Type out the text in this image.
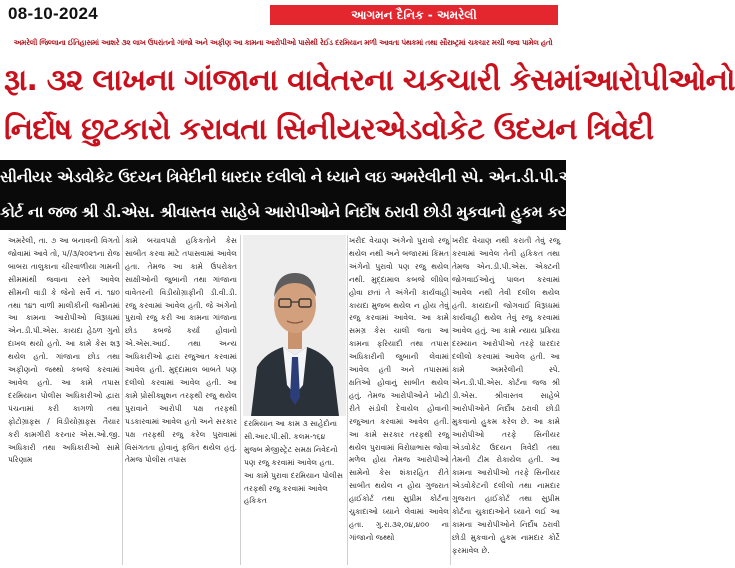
08-10-2024	આગમન દૈનિક - અમરેલી
અમરેલી જિલ્લાના ઈતિહાસમાં આશરે ૩૨ લાખ ઉપરાંતનો ગાંજો અને અફીણ આ કામના આરોપીઓ પાસેથી રેઈડ દરમિયાન મળી આવતા પંથકમાં તથા સૌરાષ્ટ્રમાં ચકચાર મચી જવા પામેલ હતો
રૂા. ૩૨ લાખના ગાંજાના વાવેતરના ચકચારી કેસમાંઆરોપીઓનો
નિર્દોષ છુટકારો કરાવતા સિનીયરએડવોકેટ ઉદયન ત્રિવેદી
સીનીયર એડવોકેટ ઉદયન ત્રિવેદીની ધારદાર દલીલો ને ધ્યાને લઇ અમરેલીની સ્પે. એન.ડી.પી.એસ.
કોર્ટ ના જજ શ્રી ડી.એસ. શ્રીવાસ્તવ સાહેબે આરોપીઓને નિર્દોષ ઠરાવી છોડી મુકવાનો હુકમ કર્યો
અમરેલી, તા. ૭ આ બનાવની વિગતો જોવામાં આવે તો, ૫//૩/૨૦૨૧ના રોજ બાબરા તાલુકાના ચીરવાળીયા ગામની સીમમાંથી જવાના રસ્તે આવેલ સીમની વાડી કે જેનો સર્વે નં. ૧૪૦ તથા ૧૪૧ વાળી માલીકીની જમીનમાં આ કામના આરોપીઓ વિરૂધ્ધમાં એન.ડી.પી.એસ. કાયદા હેઠળ ગુનો દાખલ થયો હતો. આ કામે કેસ શરૂ થયેલ હતો. ગાંજાના છોડ તથા અફીણનો જથ્થો કબજે કરવામાં આવેલ હતો. આ કામે તપાસ દરમિયાન પોલીસ અધિકારીઓ દ્વારા પંચનામાં કરી કાગળો તથા ફોટોગ્રાફ્સ / વિડીયોગ્રાફ્સ તૈયાર કરી કામગીરી કરનાર એસ.ઓ.જી. અધિકારી તથા અધિકારીઓ સામે પરિણામ
કામે બચાવપક્ષે હકિકતોને કેસ સાબીત કરવા માટે તપાસવામાં આવેલ હતા. તેમજ આ કામે ઉપરોક્ત સાક્ષીઓની જુબાની તથા ગાંજાના વાવેતરની વિડીયોગ્રાફીની ડી.વી.ડી. રજુ કરવામાં આવેલ હતી. જે અંગેનો પુરાવો રજુ કરી આ કામના ગાંજાના છોડ કબજે કર્યા હોવાનો એ.એસ.આઈ. તથા અન્ય અધિકારીઓ દ્વારા રજુઆત કરવામાં આવેલ હતી. મુદ્દામાલ બાબતે પણ દલીલો કરવામાં આવેલ હતી. આ કામે પ્રોસીક્યુશન તરફથી રજુ થયેલ પુરાવાને આરોપી પક્ષ તરફથી પડકારવામાં આવેલ હતો અને સરકાર પક્ષ તરફથી રજુ કરેલ પુરાવામાં વિસંગતતા હોવાનું ફલિત થયેલ હતું. તેમજ પોલીસ તપાસ
દરમિયાન આ કામ ૩ સાહેદોના સી.આર.પી.સી. કલમ-૧૬૪ મુજબ મેજીસ્ટ્રેટ સમક્ષ નિવેદનો પણ રજુ કરવામાં આવેલ હતા. આ કામે પુરાવા દરમિયાન પોલીસ તરફથી રજુ કરવામાં આવેલ હકિકત
ખરીદ વેચાણ અંગેનો પુરાવો રજુ થયેલ નથી અને બજારમાં કિંમત અંગેનો પુરાવો પણ રજુ થયેલ નથી. મુદ્દામાલ કબજે લીધેલ હોવા છતાં તે અંગેની કાર્યવાહી કાયદા મુજબ થયેલ ન હોય તેવું રજુ કરવામાં આવેલ. આ કામે સમગ્ર કેસ ચાલી જતા આ કામના ફરિયાદી તથા તપાસ અધિકારીની જુબાની લેવામાં આવેલ હતી અને તપાસમાં ક્ષતિઓ હોવાનું સાબીત થયેલ હતું. તેમજ આરોપીઓને ખોટી રીતે સંડોવી દેવાયેલ હોવાની રજુઆત કરવામાં આવેલ હતી. આ કામે સરકાર તરફથી રજુ થયેલ પુરાવામાં વિરોધાભાસ જોવા મળેલ હોય તેમજ આરોપીઓ સામેનો કેસ શંકારહિત રીતે સાબીત થયેલ ન હોય ગુજરાત હાઈકોર્ટ તથા સુપ્રીમ કોર્ટના ચુકાદાઓ ધ્યાને લેવામાં આવેલ હતા. ગુ.રા.૩૨,૦૪,૪૦૦ ના ગાંજાનો જથ્થો
ખરીદ વેચાણ નથી કરાતી તેવું રજુ કરવામાં આવેલ તેની હકિકત તથા તેમજ એન.ડી.પી.એસ. એક્ટની જોગવાઈઓનું પાલન કરવામાં આવેલ નથી તેવી દલીલ થયેલ હતી. કાયદાની જોગવાઈ વિરૂધ્ધમાં કાર્યવાહી થયેલ તેવું રજુ કરવામાં આવેલ હતું. આ કામે ન્યાય પ્રક્રિયા દરમ્યાન આરોપીઓ તરફે ધારદાર દલીલો કરવામાં આવેલ હતી. આ કામે અમરેલીની સ્પે. એન.ડી.પી.એસ. કોર્ટના જજ શ્રી ડી.એસ. શ્રીવાસ્તવ સાહેબે આરોપીઓને નિર્દોષ ઠરાવી છોડી મુકવાનો હુકમ કરેલ છે. આ કામે આરોપીઓ તરફે સિનીયર એડવોકેટ ઉદયન ત્રિવેદી તથા તેમની ટીમ રોકાયેલ હતી. આ કામના આરોપીઓ તરફે સિનીયર એડવોકેટની દલીલો તથા નામદાર ગુજરાત હાઈકોર્ટ તથા સુપ્રીમ કોર્ટના ચુકાદાઓને ધ્યાને લઈ આ કામના આરોપીઓને નિર્દોષ ઠરાવી છોડી મુકવાનો હુકમ નામદાર કોર્ટે ફરમાવેલ છે.
